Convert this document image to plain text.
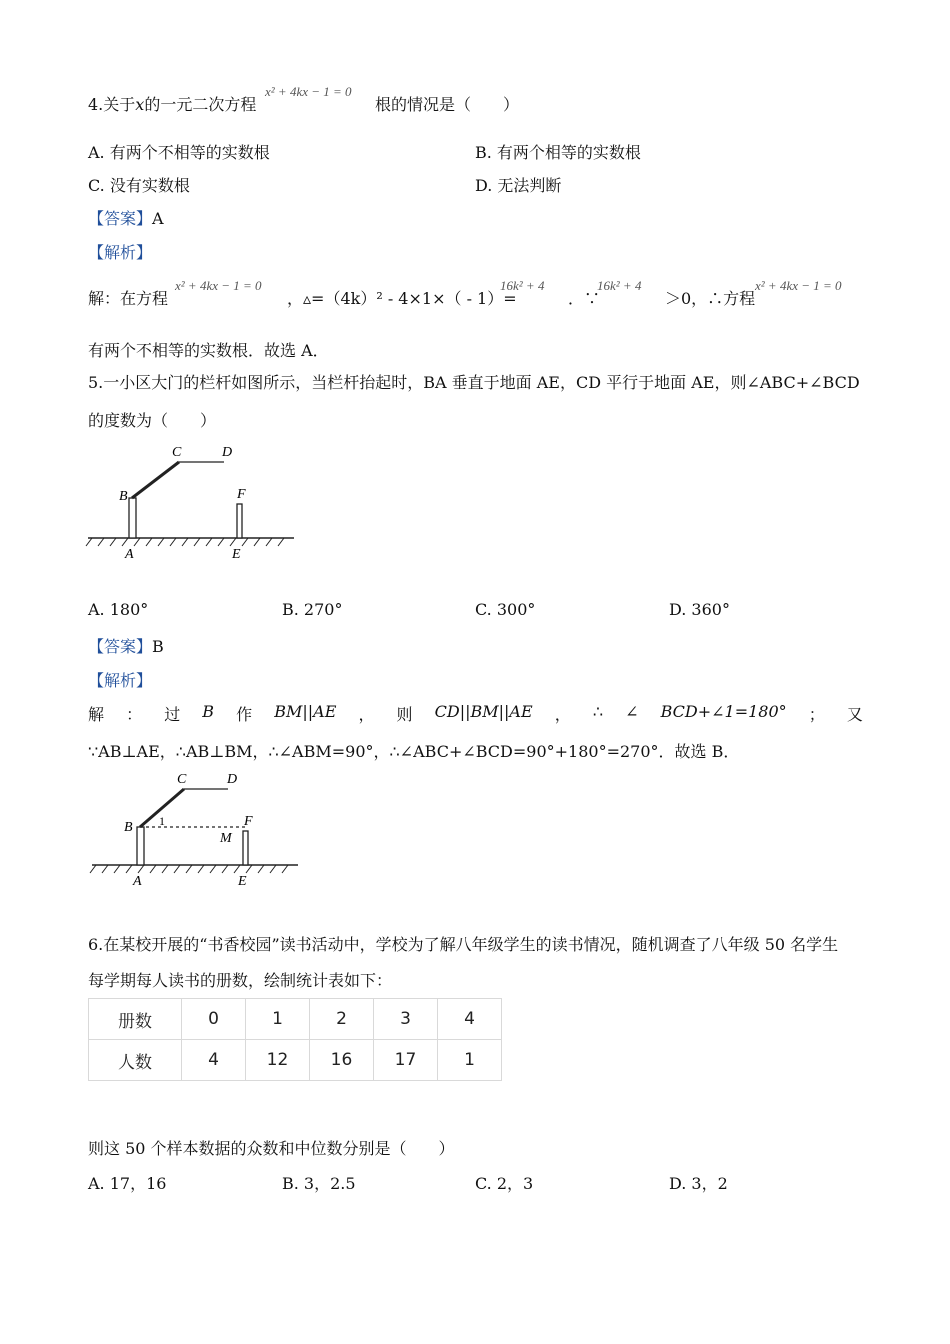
4.关于x的一元二次方程
x² + 4kx − 1 = 0
根的情况是（　　）
A. 有两个不相等的实数根	B. 有两个相等的实数根
C. 没有实数根	D. 无法判断
【答案】A
【解析】
解：在方程
x² + 4kx − 1 = 0
，▵=（4k）² - 4×1×（ - 1）=
16k² + 4
．∵
16k² + 4
＞0，∴方程
x² + 4kx − 1 = 0
有两个不相等的实数根．故选 A．
5.一小区大门的栏杆如图所示，当栏杆抬起时，BA 垂直于地面 AE，CD 平行于地面 AE，则∠ABC+∠BCD
的度数为（　　）
B
C	D
F
A	E
A. 180°	B. 270°	C. 300°	D. 360°
【答案】B
【解析】
解 ： 过 B 作 BM||AE ， 则 CD||BM||AE ， ∴ ∠ BCD+∠1=180° ； 又
∵AB⊥AE，∴AB⊥BM，∴∠ABM=90°，∴∠ABC+∠BCD=90°+180°=270°．故选 B．
B
C	D
F
M
1
A	E
6.在某校开展的“书香校园”读书活动中，学校为了解八年级学生的读书情况，随机调查了八年级 50 名学生
每学期每人读书的册数，绘制统计表如下：
册数	0	1	2	3	4
人数	4	12	16	17	1
则这 50 个样本数据的众数和中位数分别是（　　）
A. 17，16	B. 3，2.5	C. 2，3	D. 3，2
